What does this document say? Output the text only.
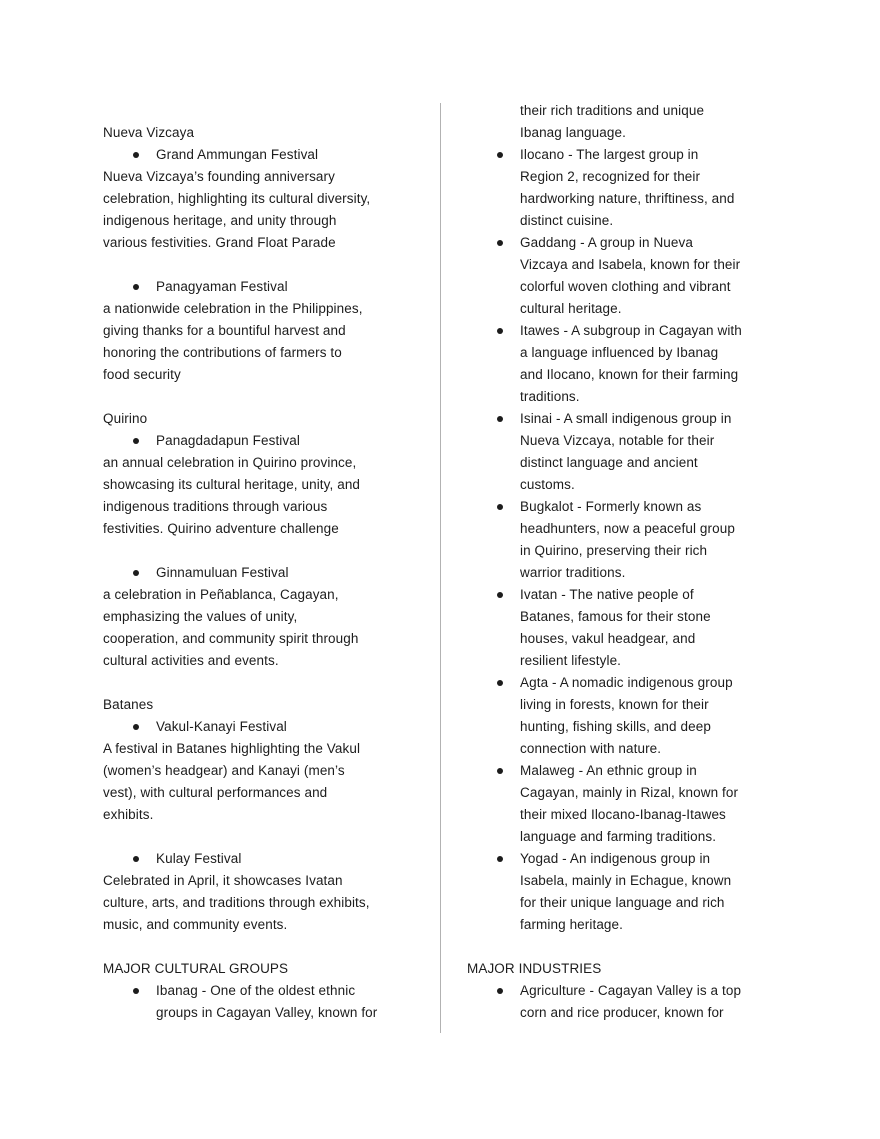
Nueva Vizcaya
Grand Ammungan Festival
Nueva Vizcaya’s founding anniversary
celebration, highlighting its cultural diversity,
indigenous heritage, and unity through
various festivities. Grand Float Parade
Panagyaman Festival
a nationwide celebration in the Philippines,
giving thanks for a bountiful harvest and
honoring the contributions of farmers to
food security
Quirino
Panagdadapun Festival
an annual celebration in Quirino province,
showcasing its cultural heritage, unity, and
indigenous traditions through various
festivities. Quirino adventure challenge
Ginnamuluan Festival
a celebration in Peñablanca, Cagayan,
emphasizing the values of unity,
cooperation, and community spirit through
cultural activities and events.
Batanes
Vakul-Kanayi Festival
A festival in Batanes highlighting the Vakul
(women’s headgear) and Kanayi (men’s
vest), with cultural performances and
exhibits.
Kulay Festival
Celebrated in April, it showcases Ivatan
culture, arts, and traditions through exhibits,
music, and community events.
MAJOR CULTURAL GROUPS
Ibanag - One of the oldest ethnic
groups in Cagayan Valley, known for
their rich traditions and unique
Ibanag language.
Ilocano - The largest group in
Region 2, recognized for their
hardworking nature, thriftiness, and
distinct cuisine.
Gaddang - A group in Nueva
Vizcaya and Isabela, known for their
colorful woven clothing and vibrant
cultural heritage.
Itawes - A subgroup in Cagayan with
a language influenced by Ibanag
and Ilocano, known for their farming
traditions.
Isinai - A small indigenous group in
Nueva Vizcaya, notable for their
distinct language and ancient
customs.
Bugkalot - Formerly known as
headhunters, now a peaceful group
in Quirino, preserving their rich
warrior traditions.
Ivatan - The native people of
Batanes, famous for their stone
houses, vakul headgear, and
resilient lifestyle.
Agta - A nomadic indigenous group
living in forests, known for their
hunting, fishing skills, and deep
connection with nature.
Malaweg - An ethnic group in
Cagayan, mainly in Rizal, known for
their mixed Ilocano-Ibanag-Itawes
language and farming traditions.
Yogad - An indigenous group in
Isabela, mainly in Echague, known
for their unique language and rich
farming heritage.
MAJOR INDUSTRIES
Agriculture - Cagayan Valley is a top
corn and rice producer, known for
